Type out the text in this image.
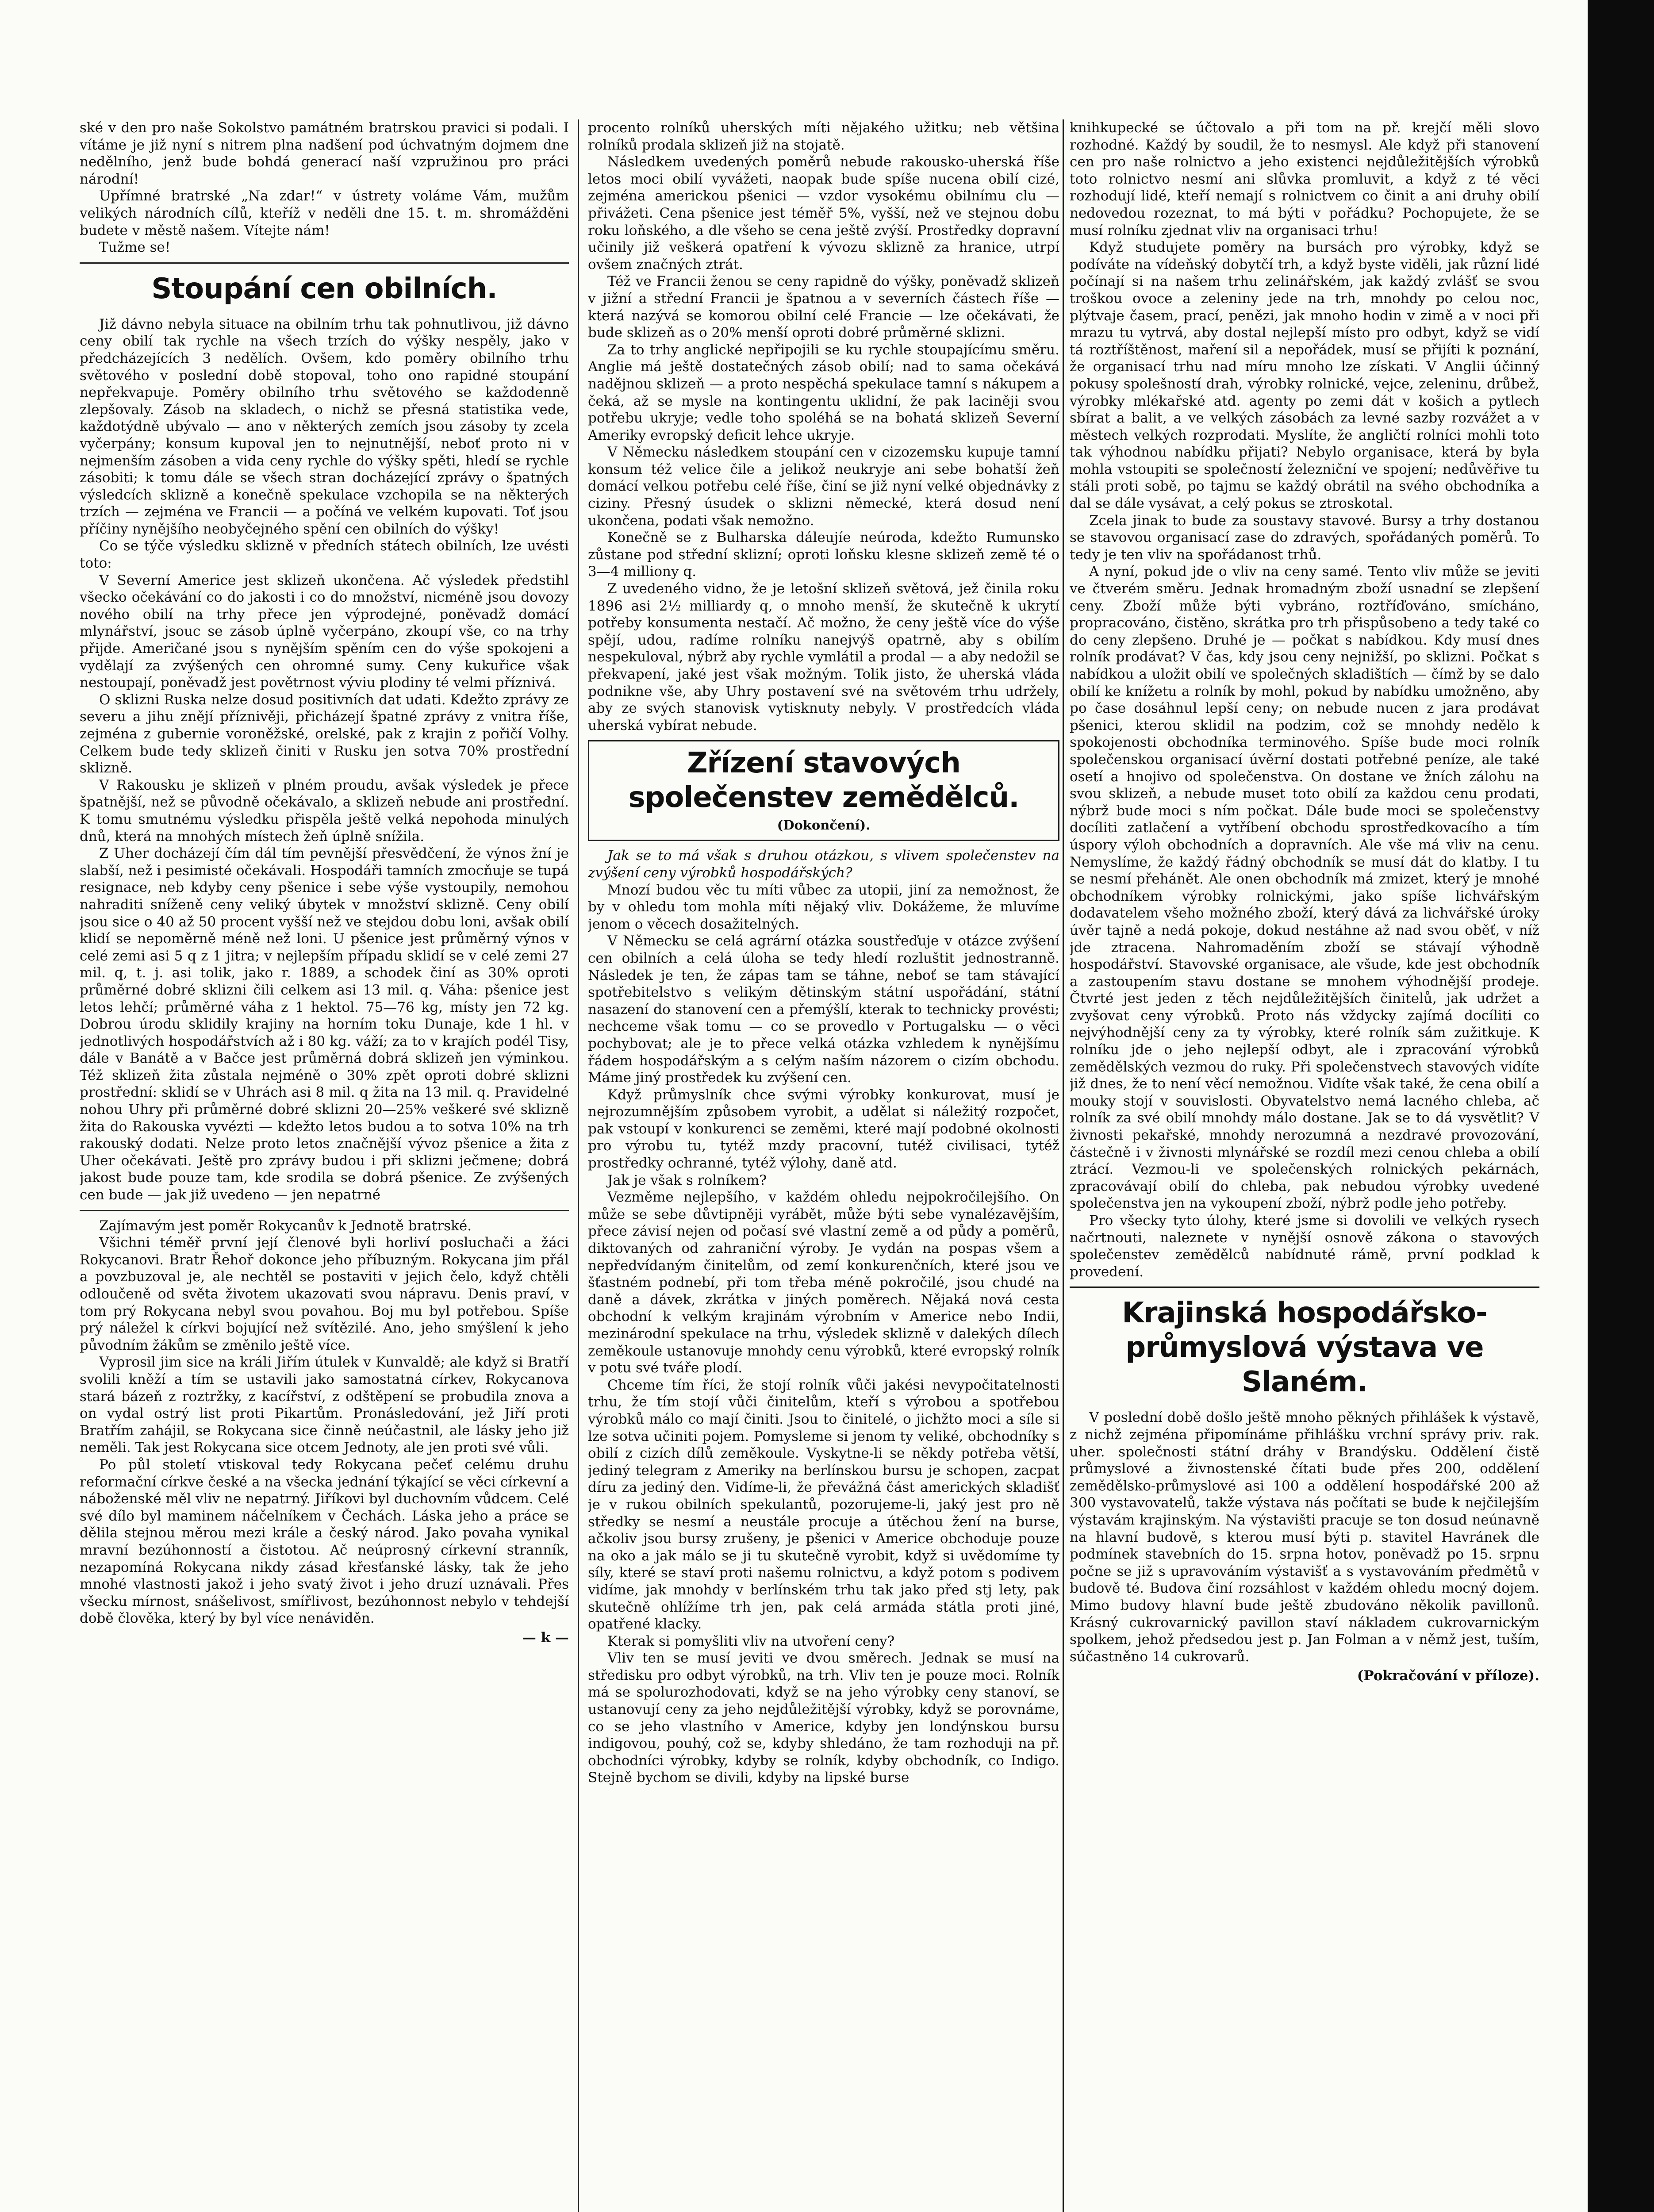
ské v den pro naše Sokolstvo památném bratrskou pravici si podali. I vítáme je již nyní s nitrem plna nadšení pod úchvatným dojmem dne nedělního, jenž bude bohdá generací naší vzpružinou pro práci národní!

Upřímné bratrské „Na zdar!“ v ústrety voláme Vám, mužům velikých národních cílů, kteříž v neděli dne 15. t. m. shromážděni budete v městě našem. Vítejte nám!

Tužme se!

Stoupání cen obilních.

Již dávno nebyla situace na obilním trhu tak pohnutlivou, již dávno ceny obilí tak rychle na všech trzích do výšky nespěly, jako v předcházejících 3 nedělích. Ovšem, kdo poměry obilního trhu světového v poslední době stopoval, toho ono rapidné stoupání nepřekvapuje. Poměry obilního trhu světového se každodenně zlepšovaly. Zásob na skladech, o nichž se přesná statistika vede, každotýdně ubývalo — ano v některých zemích jsou zásoby ty zcela vyčerpány; konsum kupoval jen to nejnutnější, neboť proto ni v nejmenším zásoben a vida ceny rychle do výšky spěti, hledí se rychle zásobiti; k tomu dále se všech stran docházející zprávy o špatných výsledcích sklizně a konečně spekulace vzchopila se na některých trzích — zejména ve Francii — a počíná ve velkém kupovati. Toť jsou příčiny nynějšího neobyčejného spění cen obilních do výšky!

Co se týče výsledku sklizně v předních státech obilních, lze uvésti toto:

V Severní Americe jest sklizeň ukončena. Ač výsledek předstihl všecko očekávání co do jakosti i co do množství, nicméně jsou dovozy nového obilí na trhy přece jen výprodejné, poněvadž domácí mlynářství, jsouc se zásob úplně vyčerpáno, zkoupí vše, co na trhy přijde. Američané jsou s nynějším spěním cen do výše spokojeni a vydělají za zvýšených cen ohromné sumy. Ceny kukuřice však nestoupají, poněvadž jest povětrnost výviu plodiny té velmi příznivá.

O sklizni Ruska nelze dosud positivních dat udati. Kdežto zprávy ze severu a jihu znějí příznivěji, přicházejí špatné zprávy z vnitra říše, zejména z gubernie voroněžské, orelské, pak z krajin z pořičí Volhy. Celkem bude tedy sklizeň činiti v Rusku jen sotva 70% prostřední sklizně.

V Rakousku je sklizeň v plném proudu, avšak výsledek je přece špatnější, než se původně očekávalo, a sklizeň nebude ani prostřední. K tomu smutnému výsledku přispěla ještě velká nepohoda minulých dnů, která na mnohých místech žeň úplně snížila.

Z Uher docházejí čím dál tím pevnější přesvědčení, že výnos žní je slabší, než i pesimisté očekávali. Hospodáři tamních zmocňuje se tupá resignace, neb kdyby ceny pšenice i sebe výše vystoupily, nemohou nahraditi sníženě ceny veliký úbytek v množství sklizně. Ceny obilí jsou sice o 40 až 50 procent vyšší než ve stejdou dobu loni, avšak obilí klidí se nepoměrně méně než loni. U pšenice jest průměrný výnos v celé zemi asi 5 q z 1 jitra; v nejlepším případu sklidí se v celé zemi 27 mil. q, t. j. asi tolik, jako r. 1889, a schodek činí as 30% oproti průměrné dobré sklizni čili celkem asi 13 mil. q. Váha: pšenice jest letos lehčí; průměrné váha z 1 hektol. 75—76 kg, místy jen 72 kg. Dobrou úrodu sklidily krajiny na horním toku Dunaje, kde 1 hl. v jednotlivých hospodářstvích až i 80 kg. váží; za to v krajích podél Tisy, dále v Banátě a v Bačce jest průměrná dobrá sklizeň jen výminkou. Též sklizeň žita zůstala nejméně o 30% zpět oproti dobré sklizni prostřední: sklidí se v Uhrách asi 8 mil. q žita na 13 mil. q. Pravidelné nohou Uhry při průměrné dobré sklizni 20—25% veškeré své sklizně žita do Rakouska vyvézti — kdežto letos budou a to sotva 10% na trh rakouský dodati. Nelze proto letos značnější vývoz pšenice a žita z Uher očekávati. Ještě pro zprávy budou i při sklizni ječmene; dobrá jakost bude pouze tam, kde srodila se dobrá pšenice. Ze zvýšených cen bude — jak již uvedeno — jen nepatrné

Zajímavým jest poměr Rokycanův k Jednotě bratrské.

Všichni téměř první její členové byli horliví posluchači a žáci Rokycanovi. Bratr Řehoř dokonce jeho příbuzným. Rokycana jim přál a povzbuzoval je, ale nechtěl se postaviti v jejich čelo, když chtěli odloučeně od světa životem ukazovati svou nápravu. Denis praví, v tom prý Rokycana nebyl svou povahou. Boj mu byl potřebou. Spíše prý náležel k církvi bojující než svítězilé. Ano, jeho smýšlení k jeho původním žákům se změnilo ještě více.

Vyprosil jim sice na králi Jiřím útulek v Kunvaldě; ale když si Bratří svolili kněží a tím se ustavili jako samostatná církev, Rokycanova stará bázeň z roztržky, z kacířství, z odštěpení se probudila znova a on vydal ostrý list proti Pikartům. Pronásledování, jež Jiří proti Bratřím zahájil, se Rokycana sice činně neúčastnil, ale lásky jeho již neměli. Tak jest Rokycana sice otcem Jednoty, ale jen proti své vůli.

Po půl století vtiskoval tedy Rokycana pečeť celému druhu reformační církve české a na všecka jednání týkající se věci církevní a náboženské měl vliv ne nepatrný. Jiříkovi byl duchovním vůdcem. Celé své dílo byl maminem náčelníkem v Čechách. Láska jeho a práce se dělila stejnou měrou mezi krále a český národ. Jako povaha vynikal mravní bezúhonností a čistotou. Ač neúprosný církevní stranník, nezapomíná Rokycana nikdy zásad křesťanské lásky, tak že jeho mnohé vlastnosti jakož i jeho svatý život i jeho druzí uznávali. Přes všecku mírnost, snášelivost, smířlivost, bezúhonnost nebylo v tehdejší době člověka, který by byl více nenáviděn.

— k —

procento rolníků uherských míti nějakého užitku; neb většina rolníků prodala sklizeň již na stojatě.

Následkem uvedených poměrů nebude rakousko-uherská říše letos moci obilí vyvážeti, naopak bude spíše nucena obilí cizé, zejména americkou pšenici — vzdor vysokému obilnímu clu — přivážeti. Cena pšenice jest téměř 5%, vyšší, než ve stejnou dobu roku loňského, a dle všeho se cena ještě zvýší. Prostředky dopravní učinily již veškerá opatření k vývozu sklizně za hranice, utrpí ovšem značných ztrát.

Též ve Francii ženou se ceny rapidně do výšky, poněvadž sklizeň v jižní a střední Francii je špatnou a v severních částech říše — která nazývá se komorou obilní celé Francie — lze očekávati, že bude sklizeň as o 20% menší oproti dobré průměrné sklizni.

Za to trhy anglické nepřipojili se ku rychle stoupajícímu směru. Anglie má ještě dostatečných zásob obilí; nad to sama očekává nadějnou sklizeň — a proto nespěchá spekulace tamní s nákupem a čeká, až se mysle na kontingentu uklidní, že pak laciněji svou potřebu ukryje; vedle toho spoléhá se na bohatá sklizeň Severní Ameriky evropský deficit lehce ukryje.

V Německu následkem stoupání cen v cizozemsku kupuje tamní konsum též velice čile a jelikož neukryje ani sebe bohatší žeň domácí velkou potřebu celé říše, činí se již nyní velké objednávky z ciziny. Přesný úsudek o sklizni německé, která dosud není ukončena, podati však nemožno.

Konečně se z Bulharska dáleujíe neúroda, kdežto Rumunsko zůstane pod střední sklizní; oproti loňsku klesne sklizeň země té o 3—4 milliony q.

Z uvedeného vidno, že je letošní sklizeň světová, jež činila roku 1896 asi 2½ milliardy q, o mnoho menší, že skutečně k ukrytí potřeby konsumenta nestačí. Ač možno, že ceny ještě více do výše spějí, udou, radíme rolníku nanejvýš opatrně, aby s obilím nespekuloval, nýbrž aby rychle vymlátil a prodal — a aby nedožil se překvapení, jaké jest však možným. Tolik jisto, že uherská vláda podnikne vše, aby Uhry postavení své na světovém trhu udržely, aby ze svých stanovisk vytisknuty nebyly. V prostředcích vláda uherská vybírat nebude.

Zřízení stavových společenstev zemědělců.
(Dokončení).

Jak se to má však s druhou otázkou, s vlivem společenstev na zvýšení ceny výrobků hospodářských?

Mnozí budou věc tu míti vůbec za utopii, jiní za nemožnost, že by v ohledu tom mohla míti nějaký vliv. Dokážeme, že mluvíme jenom o věcech dosažitelných.

V Německu se celá agrární otázka soustřeďuje v otázce zvýšení cen obilních a celá úloha se tedy hledí rozluštit jednostranně. Následek je ten, že zápas tam se táhne, neboť se tam stávající spotřebitelstvo s velikým dětinským státní uspořádání, státní nasazení do stanovení cen a přemýšlí, kterak to technicky provésti; nechceme však tomu — co se provedlo v Portugalsku — o věci pochybovat; ale je to přece velká otázka vzhledem k nynějšímu řádem hospodářským a s celým naším názorem o cizím obchodu. Máme jiný prostředek ku zvýšení cen.

Když průmyslník chce svými výrobky konkurovat, musí je nejrozumnějším způsobem vyrobit, a udělat si náležitý rozpočet, pak vstoupí v konkurenci se zeměmi, které mají podobné okolnosti pro výrobu tu, tytéž mzdy pracovní, tutéž civilisaci, tytéž prostředky ochranné, tytéž výlohy, daně atd.

Jak je však s rolníkem?

Vezměme nejlepšího, v každém ohledu nejpokročilejšího. On může se sebe důvtipněji vyrábět, může býti sebe vynalézavějším, přece závisí nejen od počasí své vlastní země a od půdy a poměrů, diktovaných od zahraniční výroby. Je vydán na pospas všem a nepředvídaným činitelům, od zemí konkurenčních, které jsou ve šťastném podnebí, při tom třeba méně pokročilé, jsou chudé na daně a dávek, zkrátka v jiných poměrech. Nějaká nová cesta obchodní k velkým krajinám výrobním v Americe nebo Indii, mezinárodní spekulace na trhu, výsledek sklizně v dalekých dílech zeměkoule ustanovuje mnohdy cenu výrobků, které evropský rolník v potu své tváře plodí.

Chceme tím říci, že stojí rolník vůči jakési nevypočitatelnosti trhu, že tím stojí vůči činitelům, kteří s výrobou a spotřebou výrobků málo co mají činiti. Jsou to činitelé, o jichžto moci a síle si lze sotva učiniti pojem. Pomysleme si jenom ty veliké, obchodníky s obilí z cizích dílů zeměkoule. Vyskytne-li se někdy potřeba větší, jediný telegram z Ameriky na berlínskou bursu je schopen, zacpat díru za jediný den. Vidíme-li, že převážná část amerických skladišť je v rukou obilních spekulantů, pozorujeme-li, jaký jest pro ně středky se nesmí a neustále procuje a útěchou žení na burse, ačkoliv jsou bursy zrušeny, je pšenici v Americe obchoduje pouze na oko a jak málo se ji tu skutečně vyrobit, když si uvědomíme ty síly, které se staví proti našemu rolnictvu, a když potom s podivem vidíme, jak mnohdy v berlínském trhu tak jako před stj lety, pak skutečně ohlížíme trh jen, pak celá armáda státla proti jiné, opatřené klacky.

Kterak si pomyšliti vliv na utvoření ceny?

Vliv ten se musí jeviti ve dvou směrech. Jednak se musí na středisku pro odbyt výrobků, na trh. Vliv ten je pouze moci. Rolník má se spolurozhodovati, když se na jeho výrobky ceny stanoví, se ustanovují ceny za jeho nejdůležitější výrobky, když se porovnáme, co se jeho vlastního v Americe, kdyby jen londýnskou bursu indigovou, pouhý, což se, kdyby shledáno, že tam rozhoduji na př. obchodníci výrobky, kdyby se rolník, kdyby obchodník, co Indigo. Stejně bychom se divili, kdyby na lipské burse

knihkupecké se účtovalo a při tom na př. krejčí měli slovo rozhodné. Každý by soudil, že to nesmysl. Ale když při stanovení cen pro naše rolnictvo a jeho existenci nejdůležitějších výrobků toto rolnictvo nesmí ani slůvka promluvit, a když z té věci rozhodují lidé, kteří nemají s rolnictvem co činit a ani druhy obilí nedovedou rozeznat, to má býti v pořádku? Pochopujete, že se musí rolníku zjednat vliv na organisaci trhu!

Když studujete poměry na bursách pro výrobky, když se podíváte na vídeňský dobytčí trh, a když byste viděli, jak různí lidé počínají si na našem trhu zelinářském, jak každý zvlášť se svou troškou ovoce a zeleniny jede na trh, mnohdy po celou noc, plýtvaje časem, prací, penězi, jak mnoho hodin v zimě a v noci při mrazu tu vytrvá, aby dostal nejlepší místo pro odbyt, když se vidí tá roztříštěnost, maření sil a nepořádek, musí se přijíti k poznání, že organisací trhu nad míru mnoho lze získati. V Anglii účinný pokusy spolešností drah, výrobky rolnické, vejce, zeleninu, drůbež, výrobky mlékařské atd. agenty po zemi dát v košich a pytlech sbírat a balit, a ve velkých zásobách za levné sazby rozvážet a v městech velkých rozprodati. Myslíte, že angličtí rolníci mohli toto tak výhodnou nabídku přijati? Nebylo organisace, která by byla mohla vstoupiti se společností železniční ve spojení; nedůvěřive tu stáli proti sobě, po tajmu se každý obrátil na svého obchodníka a dal se dále vysávat, a celý pokus se ztroskotal.

Zcela jinak to bude za soustavy stavové. Bursy a trhy dostanou se stavovou organisací zase do zdravých, spořádaných poměrů. To tedy je ten vliv na spořádanost trhů.

A nyní, pokud jde o vliv na ceny samé. Tento vliv může se jeviti ve čtverém směru. Jednak hromadným zboží usnadní se zlepšení ceny. Zboží může býti vybráno, roztříďováno, smícháno, propracováno, čistěno, skrátka pro trh přispůsobeno a tedy také co do ceny zlepšeno. Druhé je — počkat s nabídkou. Kdy musí dnes rolník prodávat? V čas, kdy jsou ceny nejnižší, po sklizni. Počkat s nabídkou a uložit obilí ve společných skladištích — čímž by se dalo obilí ke knížetu a rolník by mohl, pokud by nabídku umožněno, aby po čase dosáhnul lepší ceny; on nebude nucen z jara prodávat pšenici, kterou sklidil na podzim, což se mnohdy nedělo k spokojenosti obchodníka terminového. Spíše bude moci rolník společenskou organisací úvěrní dostati potřebné peníze, ale také osetí a hnojivo od společenstva. On dostane ve žních zálohu na svou sklizeň, a nebude muset toto obilí za každou cenu prodati, nýbrž bude moci s ním počkat. Dále bude moci se společenstvy docíliti zatlačení a vytříbení obchodu sprostředkovacího a tím úspory výloh obchodních a dopravních. Ale vše má vliv na cenu. Nemyslíme, že každý řádný obchodník se musí dát do klatby. I tu se nesmí přehánět. Ale onen obchodník má zmizet, který je mnohé obchodníkem výrobky rolnickými, jako spíše lichvářským dodavatelem všeho možného zboží, který dává za lichvářské úroky úvěr tajně a nedá pokoje, dokud nestáhne až nad svou oběť, v níž jde ztracena. Nahromaděním zboží se stávají výhodně hospodářství. Stavovské organisace, ale všude, kde jest obchodník a zastoupením stavu dostane se mnohem výhodnější prodeje. Čtvrté jest jeden z těch nejdůležitějších činitelů, jak udržet a zvyšovat ceny výrobků. Proto nás vždycky zajímá docíliti co nejvýhodnější ceny za ty výrobky, které rolník sám zužitkuje. K rolníku jde o jeho nejlepší odbyt, ale i zpracování výrobků zemědělských vezmou do ruky. Při společenstvech stavových vidíte již dnes, že to není věcí nemožnou. Vidíte však také, že cena obilí a mouky stojí v souvislosti. Obyvatelstvo nemá lacného chleba, ač rolník za své obilí mnohdy málo dostane. Jak se to dá vysvětlit? V živnosti pekařské, mnohdy nerozumná a nezdravé provozování, částečně i v živnosti mlynářské se rozdíl mezi cenou chleba a obilí ztrácí. Vezmou-li ve společenských rolnických pekárnách, zpracovávají obilí do chleba, pak nebudou výrobky uvedené společenstva jen na vykoupení zboží, nýbrž podle jeho potřeby.

Pro všecky tyto úlohy, které jsme si dovolili ve velkých rysech načrtnouti, naleznete v nynější osnově zákona o stavových společenstev zemědělců nabídnuté rámě, první podklad k provedení.

Krajinská hospodářsko-průmyslová výstava ve Slaném.

V poslední době došlo ještě mnoho pěkných přihlášek k výstavě, z nichž zejména připomínáme přihlášku vrchní správy priv. rak. uher. společnosti státní dráhy v Brandýsku. Oddělení čistě průmyslové a živnostenské čítati bude přes 200, oddělení zemědělsko-průmyslové asi 100 a oddělení hospodářské 200 až 300 vystavovatelů, takže výstava nás počítati se bude k nejčilejším výstavám krajinským. Na výstavišti pracuje se ton dosud neúnavně na hlavní budově, s kterou musí býti p. stavitel Havránek dle podmínek stavebních do 15. srpna hotov, poněvadž po 15. srpnu počne se již s upravováním výstavišť a s vystavováním předmětů v budově té. Budova činí rozsáhlost v každém ohledu mocný dojem. Mimo budovy hlavní bude ještě zbudováno několik pavillonů. Krásný cukrovarnický pavillon staví nákladem cukrovarnickým spolkem, jehož předsedou jest p. Jan Folman a v němž jest, tuším, súčastněno 14 cukrovarů.

(Pokračování v příloze).
